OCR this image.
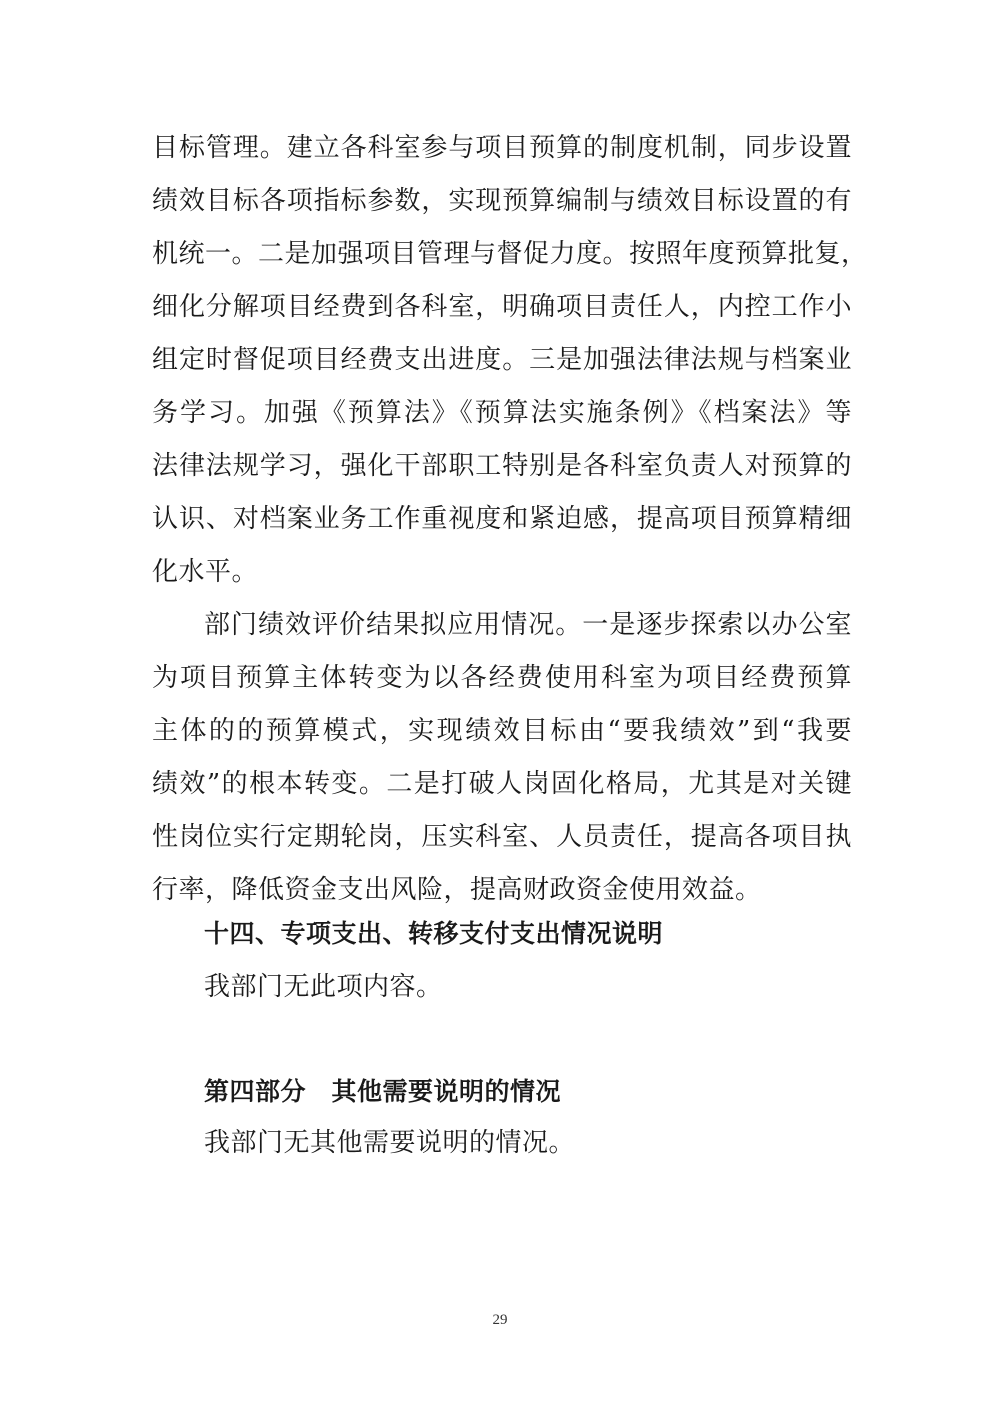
目标管理。建立各科室参与项目预算的制度机制，同步设置
绩效目标各项指标参数，实现预算编制与绩效目标设置的有
机统一。二是加强项目管理与督促力度。按照年度预算批复，
细化分解项目经费到各科室，明确项目责任人，内控工作小
组定时督促项目经费支出进度。三是加强法律法规与档案业
务学习。加强《预算法》《预算法实施条例》《档案法》等
法律法规学习，强化干部职工特别是各科室负责人对预算的
认识、对档案业务工作重视度和紧迫感，提高项目预算精细
化水平。
部门绩效评价结果拟应用情况。一是逐步探索以办公室
为项目预算主体转变为以各经费使用科室为项目经费预算
主体的的预算模式，实现绩效目标由“要我绩效”到“我要
绩效”的根本转变。二是打破人岗固化格局，尤其是对关键
性岗位实行定期轮岗，压实科室、人员责任，提高各项目执
行率，降低资金支出风险，提高财政资金使用效益。
十四、专项支出、转移支付支出情况说明
我部门无此项内容。
第四部分　其他需要说明的情况
我部门无其他需要说明的情况。
29
